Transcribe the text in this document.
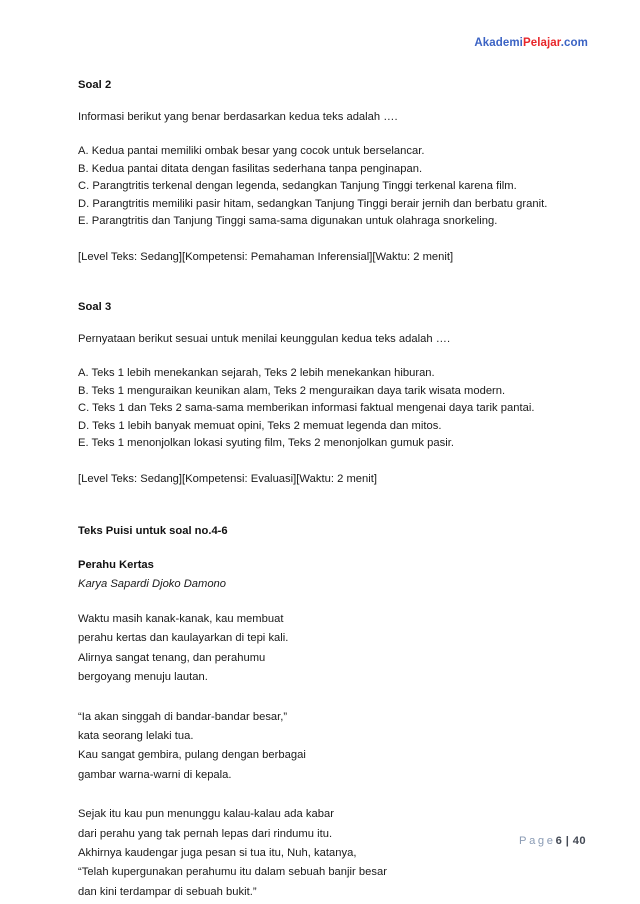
AkademiPelajar.com

Soal 2

Informasi berikut yang benar berdasarkan kedua teks adalah ….

A. Kedua pantai memiliki ombak besar yang cocok untuk berselancar.
B. Kedua pantai ditata dengan fasilitas sederhana tanpa penginapan.
C. Parangtritis terkenal dengan legenda, sedangkan Tanjung Tinggi terkenal karena film.
D. Parangtritis memiliki pasir hitam, sedangkan Tanjung Tinggi berair jernih dan berbatu granit.
E. Parangtritis dan Tanjung Tinggi sama-sama digunakan untuk olahraga snorkeling.

[Level Teks: Sedang][Kompetensi: Pemahaman Inferensial][Waktu: 2 menit]

Soal 3

Pernyataan berikut sesuai untuk menilai keunggulan kedua teks adalah ….

A. Teks 1 lebih menekankan sejarah, Teks 2 lebih menekankan hiburan.
B. Teks 1 menguraikan keunikan alam, Teks 2 menguraikan daya tarik wisata modern.
C. Teks 1 dan Teks 2 sama-sama memberikan informasi faktual mengenai daya tarik pantai.
D. Teks 1 lebih banyak memuat opini, Teks 2 memuat legenda dan mitos.
E. Teks 1 menonjolkan lokasi syuting film, Teks 2 menonjolkan gumuk pasir.

[Level Teks: Sedang][Kompetensi: Evaluasi][Waktu: 2 menit]

Teks Puisi untuk soal no.4-6

Perahu Kertas

Karya Sapardi Djoko Damono

Waktu masih kanak-kanak, kau membuat
perahu kertas dan kaulayarkan di tepi kali.
Alirnya sangat tenang, dan perahumu
bergoyang menuju lautan.
“Ia akan singgah di bandar-bandar besar,”
kata seorang lelaki tua.
Kau sangat gembira, pulang dengan berbagai
gambar warna-warni di kepala.
Sejak itu kau pun menunggu kalau-kalau ada kabar
dari perahu yang tak pernah lepas dari rindumu itu.
Akhirnya kaudengar juga pesan si tua itu, Nuh, katanya,
“Telah kupergunakan perahumu itu dalam sebuah banjir besar
dan kini terdampar di sebuah bukit.”
Page6 | 40
